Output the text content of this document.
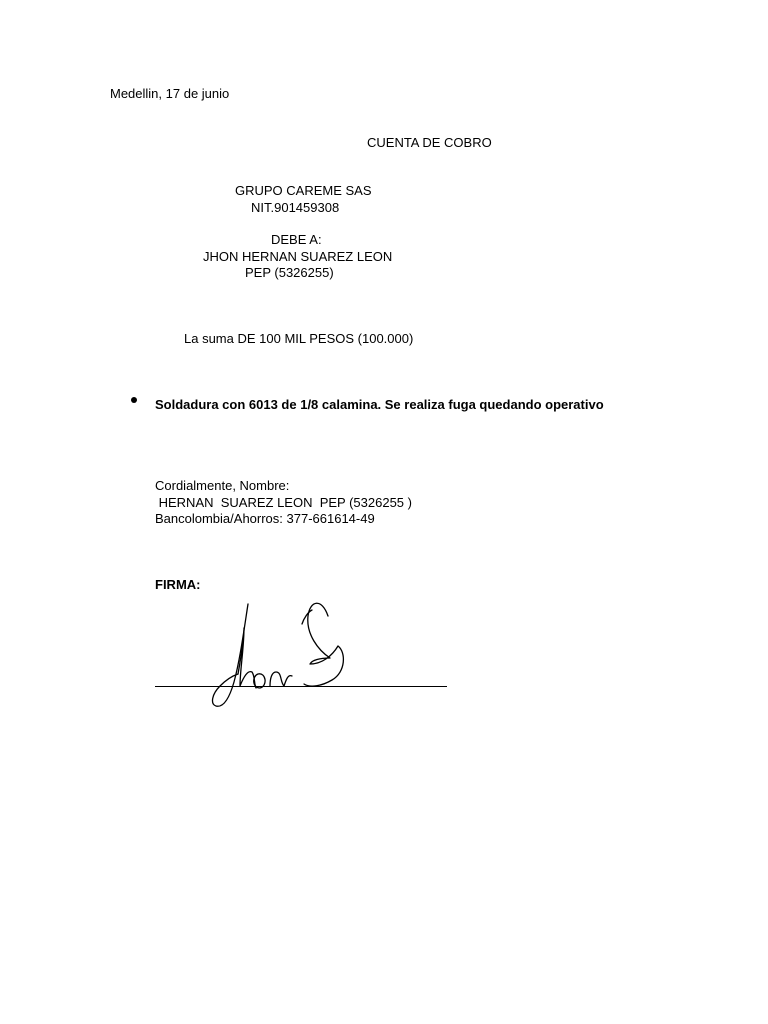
Medellin, 17 de junio
CUENTA DE COBRO
GRUPO CAREME SAS
NIT.901459308
DEBE A:
JHON HERNAN SUAREZ LEON
PEP (5326255)
La suma DE 100 MIL PESOS (100.000)
Soldadura con 6013 de 1/8 calamina. Se realiza fuga quedando operativo
Cordialmente, Nombre:
HERNAN  SUAREZ LEON  PEP (5326255 )
Bancolombia/Ahorros: 377-661614-49
FIRMA:
